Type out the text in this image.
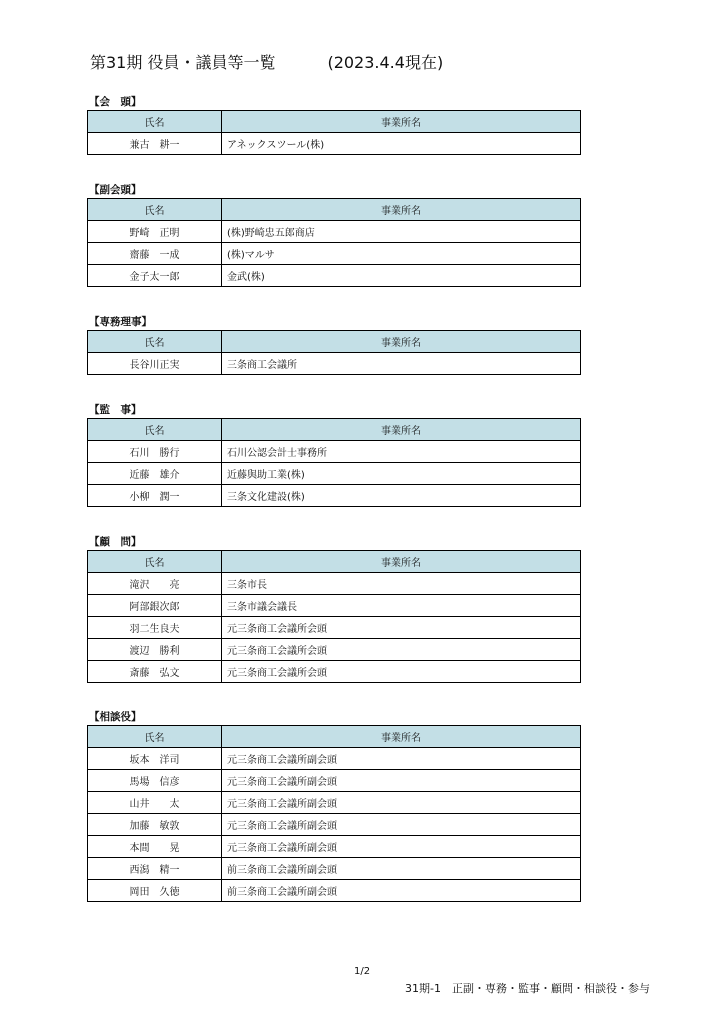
第31期 役員・議員等一覧	(2023.4.4現在)
【会　頭】
氏名	事業所名
兼古　耕一	アネックスツール(株)
【副会頭】
氏名	事業所名
野崎　正明	(株)野崎忠五郎商店
齋藤　一成	(株)マルサ
金子太一郎	金武(株)
【専務理事】
氏名	事業所名
長谷川正実	三条商工会議所
【監　事】
氏名	事業所名
石川　勝行	石川公認会計士事務所
近藤　雄介	近藤與助工業(株)
小柳　潤一	三条文化建設(株)
【顧　問】
氏名	事業所名
滝沢　　亮	三条市長
阿部銀次郎	三条市議会議長
羽二生良夫	元三条商工会議所会頭
渡辺　勝利	元三条商工会議所会頭
斎藤　弘文	元三条商工会議所会頭
【相談役】
氏名	事業所名
坂本　洋司	元三条商工会議所副会頭
馬場　信彦	元三条商工会議所副会頭
山井　　太	元三条商工会議所副会頭
加藤　敏敦	元三条商工会議所副会頭
本間　　晃	元三条商工会議所副会頭
西潟　精一	前三条商工会議所副会頭
岡田　久徳	前三条商工会議所副会頭
1/2
31期-1　正副・専務・監事・顧問・相談役・参与
